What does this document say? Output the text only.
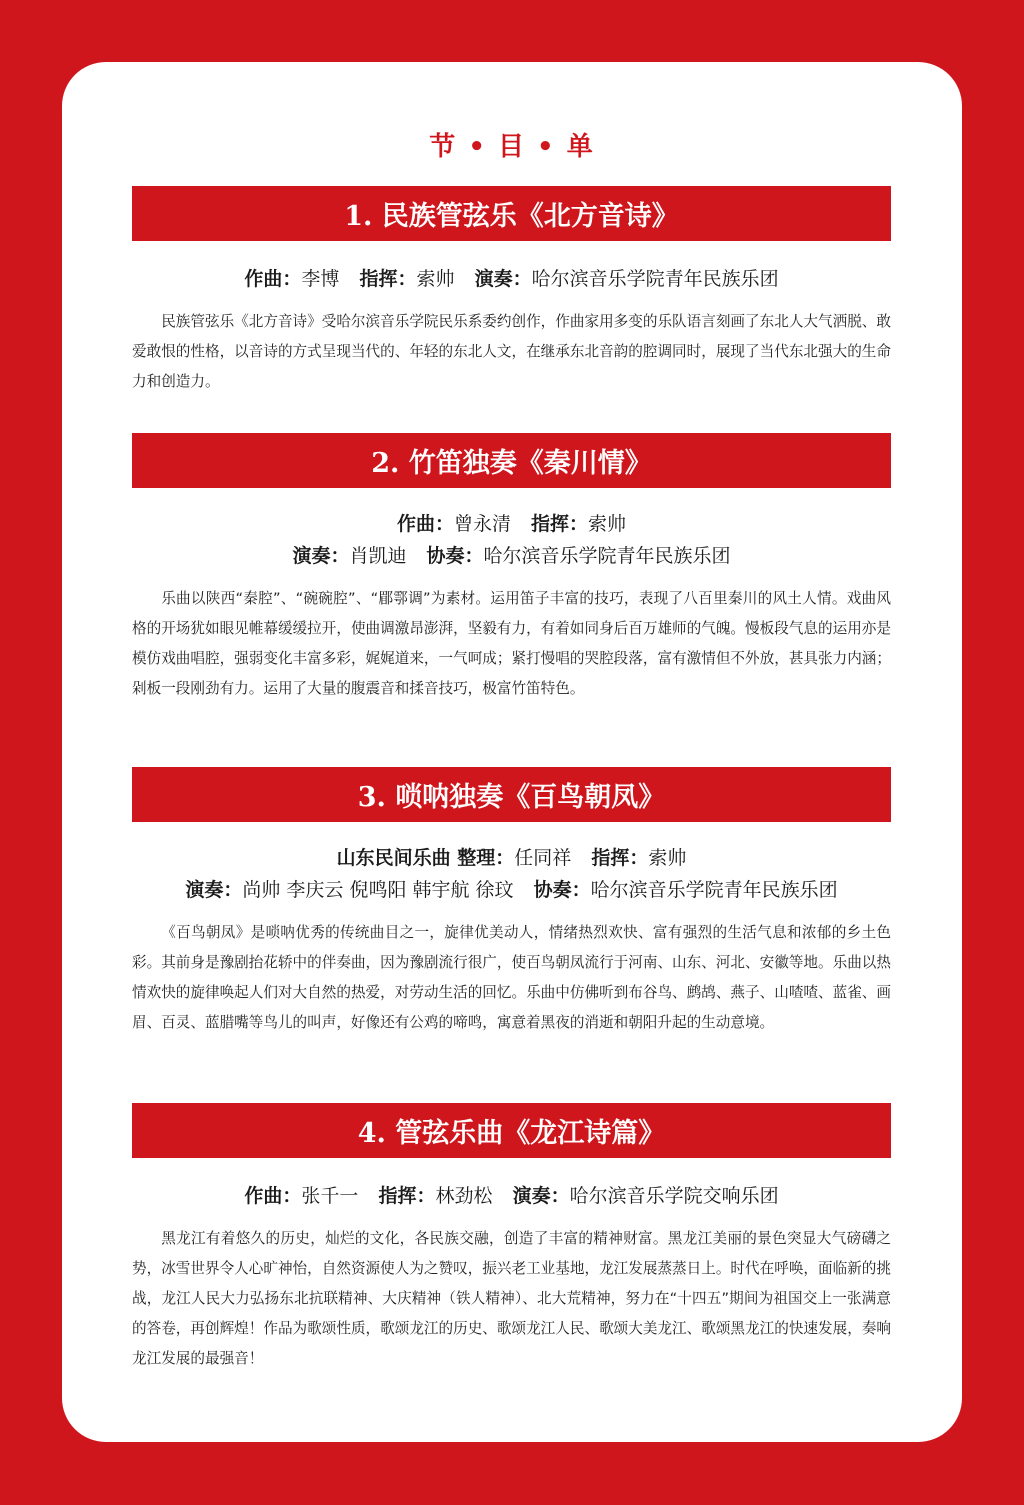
节 • 目 • 单
1. 民族管弦乐《北方音诗》
作曲：李博 指挥：索帅 演奏：哈尔滨音乐学院青年民族乐团

民族管弦乐《北方音诗》受哈尔滨音乐学院民乐系委约创作，作曲家用多变的乐队语言刻画了东北人大气洒脱、敢爱敢恨的性格，以音诗的方式呈现当代的、年轻的东北人文，在继承东北音韵的腔调同时，展现了当代东北强大的生命力和创造力。

2. 竹笛独奏《秦川情》
作曲：曾永清 指挥：索帅
演奏：肖凯迪 协奏：哈尔滨音乐学院青年民族乐团

乐曲以陕西“秦腔”、“碗碗腔”、“郿鄠调”为素材。运用笛子丰富的技巧，表现了八百里秦川的风土人情。戏曲风格的开场犹如眼见帷幕缓缓拉开，使曲调激昂澎湃，坚毅有力，有着如同身后百万雄师的气魄。慢板段气息的运用亦是模仿戏曲唱腔，强弱变化丰富多彩，娓娓道来，一气呵成；紧打慢唱的哭腔段落，富有激情但不外放，甚具张力内涵；剁板一段刚劲有力。运用了大量的腹震音和揉音技巧，极富竹笛特色。

3. 唢呐独奏《百鸟朝凤》
山东民间乐曲 整理：任同祥 指挥：索帅
演奏：尚帅 李庆云 倪鸣阳 韩宇航 徐玟 协奏：哈尔滨音乐学院青年民族乐团

《百鸟朝凤》是唢呐优秀的传统曲目之一，旋律优美动人，情绪热烈欢快、富有强烈的生活气息和浓郁的乡土色彩。其前身是豫剧抬花轿中的伴奏曲，因为豫剧流行很广，使百鸟朝凤流行于河南、山东、河北、安徽等地。乐曲以热情欢快的旋律唤起人们对大自然的热爱，对劳动生活的回忆。乐曲中仿佛听到布谷鸟、鹧鸪、燕子、山喳喳、蓝雀、画眉、百灵、蓝腊嘴等鸟儿的叫声，好像还有公鸡的啼鸣，寓意着黑夜的消逝和朝阳升起的生动意境。

4. 管弦乐曲《龙江诗篇》
作曲：张千一 指挥：林劲松 演奏：哈尔滨音乐学院交响乐团

黑龙江有着悠久的历史，灿烂的文化，各民族交融，创造了丰富的精神财富。黑龙江美丽的景色突显大气磅礴之势，冰雪世界令人心旷神怡，自然资源使人为之赞叹，振兴老工业基地，龙江发展蒸蒸日上。时代在呼唤，面临新的挑战，龙江人民大力弘扬东北抗联精神、大庆精神（铁人精神）、北大荒精神，努力在“十四五”期间为祖国交上一张满意的答卷，再创辉煌！作品为歌颂性质，歌颂龙江的历史、歌颂龙江人民、歌颂大美龙江、歌颂黑龙江的快速发展，奏响龙江发展的最强音！
